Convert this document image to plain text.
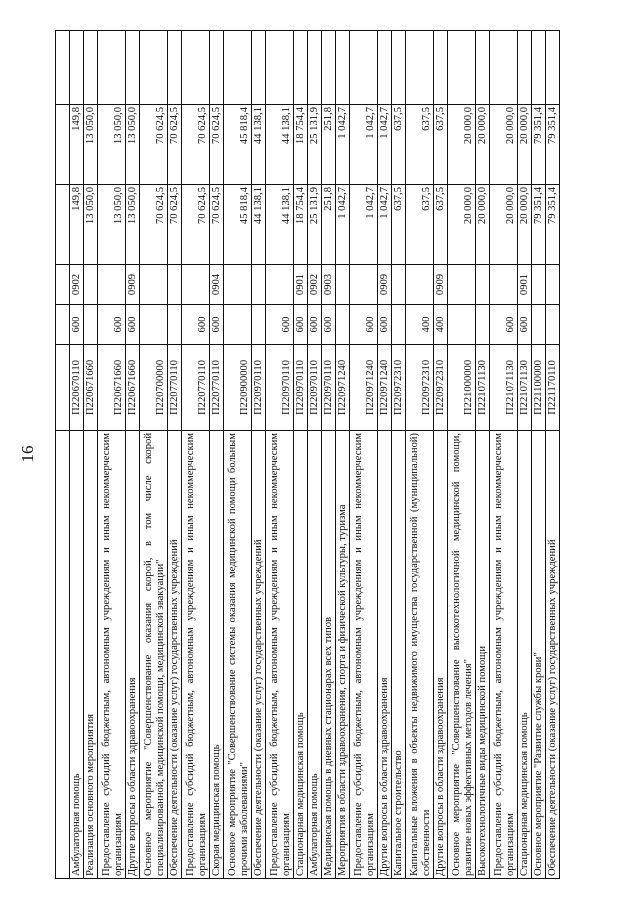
16

Амбулаторная помощь	П220670110	600	0902	149,8	149,8	
Реализация основного мероприятия	П220671660			13 050,0	13 050,0	
Предоставление субсидий бюджетным, автономным учреждениям и иным некоммерческим организациям	П220671660	600		13 050,0	13 050,0	
Другие вопросы в области здравоохранения	П220671660	600	0909	13 050,0	13 050,0	
Основное мероприятие "Совершенствование оказания скорой, в том числе скорой специализированной, медицинской помощи, медицинской эвакуации"	П220700000			70 624,5	70 624,5	
Обеспечение деятельности (оказание услуг) государственных учреждений	П220770110			70 624,5	70 624,5	
Предоставление субсидий бюджетным, автономным учреждениям и иным некоммерческим организациям	П220770110	600		70 624,5	70 624,5	
Скорая медицинская помощь	П220770110	600	0904	70 624,5	70 624,5	
Основное мероприятие "Совершенствование системы оказания медицинской помощи больным прочими заболеваниями"	П220900000			45 818,4	45 818,4	
Обеспечение деятельности (оказание услуг) государственных учреждений	П220970110			44 138,1	44 138,1	
Предоставление субсидий бюджетным, автономным учреждениям и иным некоммерческим организациям	П220970110	600		44 138,1	44 138,1	
Стационарная медицинская помощь	П220970110	600	0901	18 754,4	18 754,4	
Амбулаторная помощь	П220970110	600	0902	25 131,9	25 131,9	
Медицинская помощь в дневных стационарах всех типов	П220970110	600	0903	251,8	251,8	
Мероприятия в области здравоохранения, спорта и физической культуры, туризма	П220971240			1 042,7	1 042,7	
Предоставление субсидий бюджетным, автономным учреждениям и иным некоммерческим организациям	П220971240	600		1 042,7	1 042,7	
Другие вопросы в области здравоохранения	П220971240	600	0909	1 042,7	1 042,7	
Капитальное строительство	П220972310			637,5	637,5	
Капитальные вложения в объекты недвижимого имущества государственной (муниципальной) собственности	П220972310	400		637,5	637,5	
Другие вопросы в области здравоохранения	П220972310	400	0909	637,5	637,5	
Основное мероприятие "Совершенствование высокотехнологичной медицинской помощи, развитие новых эффективных методов лечения"	П221000000			20 000,0	20 000,0	
Высокотехнологичные виды медицинской помощи	П221071130			20 000,0	20 000,0	
Предоставление субсидий бюджетным, автономным учреждениям и иным некоммерческим организациям	П221071130	600		20 000,0	20 000,0	
Стационарная медицинская помощь	П221071130	600	0901	20 000,0	20 000,0	
Основное мероприятие "Развитие службы крови"	П221100000			79 351,4	79 351,4	
Обеспечение деятельности (оказание услуг) государственных учреждений	П221170110			79 351,4	79 351,4	
